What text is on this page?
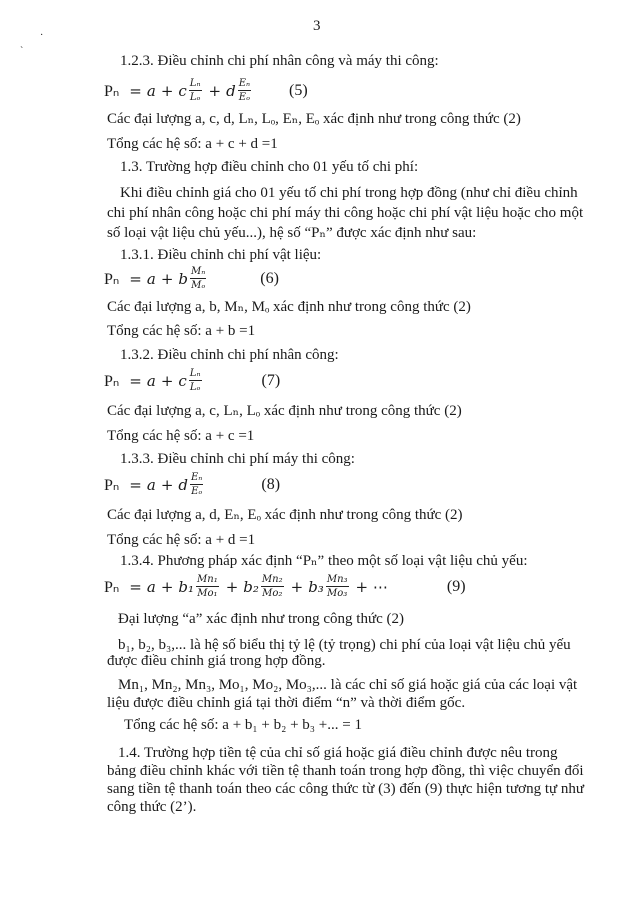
3
·
`
1.2.3. Điều chỉnh chi phí nhân công và máy thi công:
Pₙ = a + c Lₙ
Lₒ + d Eₙ
Eₒ (5)
Các đại lượng a, c, d, Lₙ, Lₒ, Eₙ, Eₒ xác định như trong công thức (2)
Tổng các hệ số: a + c + d =1
1.3. Trường hợp điều chỉnh cho 01 yếu tố chi phí:
Khi điều chỉnh giá cho 01 yếu tố chi phí trong hợp đồng (như chỉ điều chỉnh
chi phí nhân công hoặc chi phí máy thi công hoặc chi phí vật liệu hoặc cho một
số loại vật liệu chủ yếu...), hệ số “Pₙ” được xác định như sau:
1.3.1. Điều chỉnh chi phí vật liệu:
Pₙ = a + b Mₙ
Mₒ	(6)
Các đại lượng a, b, Mₙ, Mₒ xác định như trong công thức (2)
Tổng các hệ số: a + b =1
1.3.2. Điều chỉnh chi phí nhân công:
Pₙ = a + c Lₙ
Lₒ	(7)
Các đại lượng a, c, Lₙ, Lₒ xác định như trong công thức (2)
Tổng các hệ số: a + c =1
1.3.3. Điều chỉnh chi phí máy thi công:
Pₙ = a + d Eₙ
Eₒ	(8)
Các đại lượng a, d, Eₙ, Eₒ xác định như trong công thức (2)
Tổng các hệ số: a + d =1
1.3.4. Phương pháp xác định “Pₙ” theo một số loại vật liệu chủ yếu:
Pₙ = a + b₁ Mn₁
Mo₁ + b₂ Mn₂
Mo₂ + b₃ Mn₃
Mo₃ + ⋯	(9)
Đại lượng “a” xác định như trong công thức (2)
b₁, b₂, b₃,... là hệ số biểu thị tỷ lệ (tỷ trọng) chi phí của loại vật liệu chủ yếu
được điều chỉnh giá trong hợp đồng.
Mn₁, Mn₂, Mn₃, Mo₁, Mo₂, Mo₃,... là các chỉ số giá hoặc giá của các loại vật
liệu được điều chỉnh giá tại thời điểm “n” và thời điểm gốc.
Tổng các hệ số: a + b₁ + b₂ + b₃ +... = 1
1.4. Trường hợp tiền tệ của chỉ số giá hoặc giá điều chỉnh được nêu trong
bảng điều chỉnh khác với tiền tệ thanh toán trong hợp đồng, thì việc chuyển đổi
sang tiền tệ thanh toán theo các công thức từ (3) đến (9) thực hiện tương tự như
công thức (2’).
